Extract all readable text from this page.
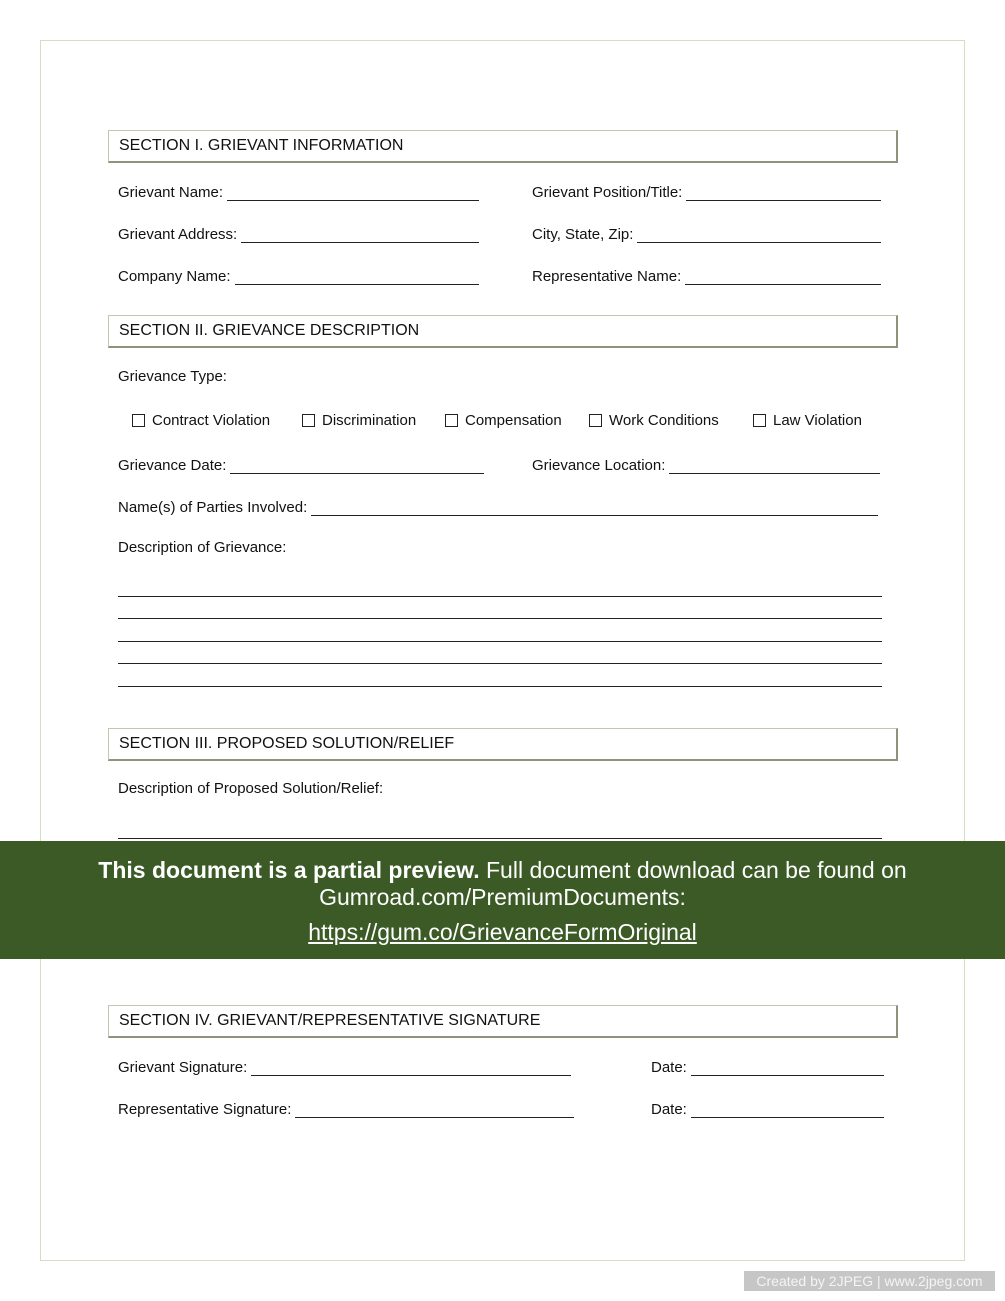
SECTION I. GRIEVANT INFORMATION
Grievant Name:	Grievant Position/Title:
Grievant Address:	City, State, Zip:
Company Name:	Representative Name:
SECTION II. GRIEVANCE DESCRIPTION
Grievance Type:
Contract Violation	Discrimination	Compensation	Work Conditions	Law Violation
Grievance Date:	Grievance Location:
Name(s) of Parties Involved:
Description of Grievance:
SECTION III. PROPOSED SOLUTION/RELIEF
Description of Proposed Solution/Relief:
This document is a partial preview. Full document download can be found on Gumroad.com/PremiumDocuments:
https://gum.co/GrievanceFormOriginal
SECTION IV. GRIEVANT/REPRESENTATIVE SIGNATURE
Grievant Signature:	Date:
Representative Signature:	Date:
Created by 2JPEG | www.2jpeg.com
